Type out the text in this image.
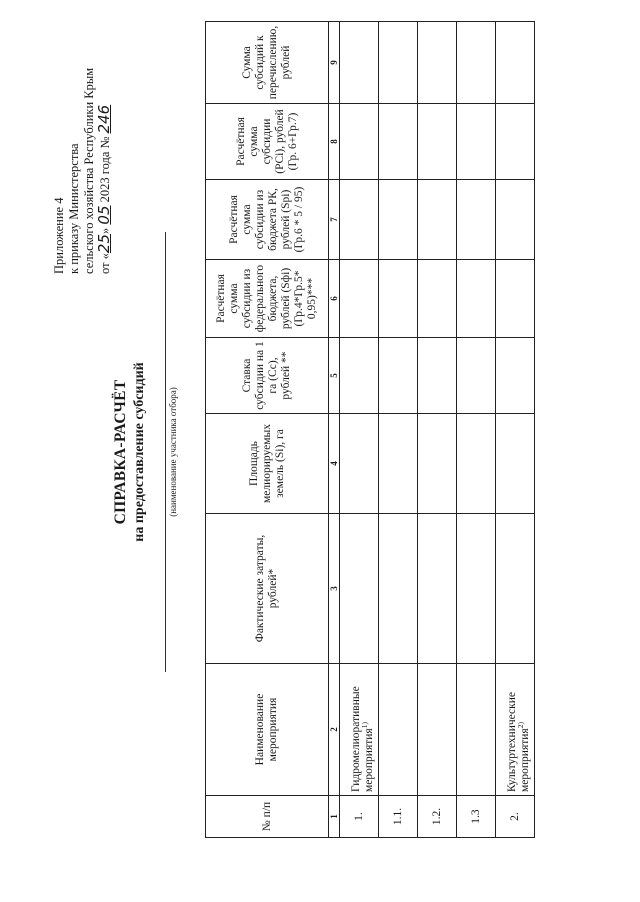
Приложение 4 к приказу Министерства сельского хозяйства Республики Крым от «25» 05 2023 года № 246
СПРАВКА-РАСЧЁТ на предоставление субсидий (наименование участника отбора)
№ п/п	Наименование мероприятия	Фактические затраты, рублей*	Площадь мелиорируемых земель (Si), га	Ставка субсидии на 1 га (Сс), рублей **	Расчётная сумма субсидии из федерального бюджета, рублей (Sфi) (Гр.4*Гр.5* 0,95)***	Расчётная сумма субсидии из бюджета РК, рублей (Spi) (Гр.6 * 5 / 95)	Расчётная сумма субсидии (PCi), рублей (Гр. 6+Гр.7)	Сумма субсидий к перечислению, рублей
1	2	3	4	5	6	7	8	9
1.	Гидромелиоративные мероприятия$^{1)}$							
1.1.								
1.2.								
1.3								
2.	Культуртехнические мероприятия$^{2)}$							
